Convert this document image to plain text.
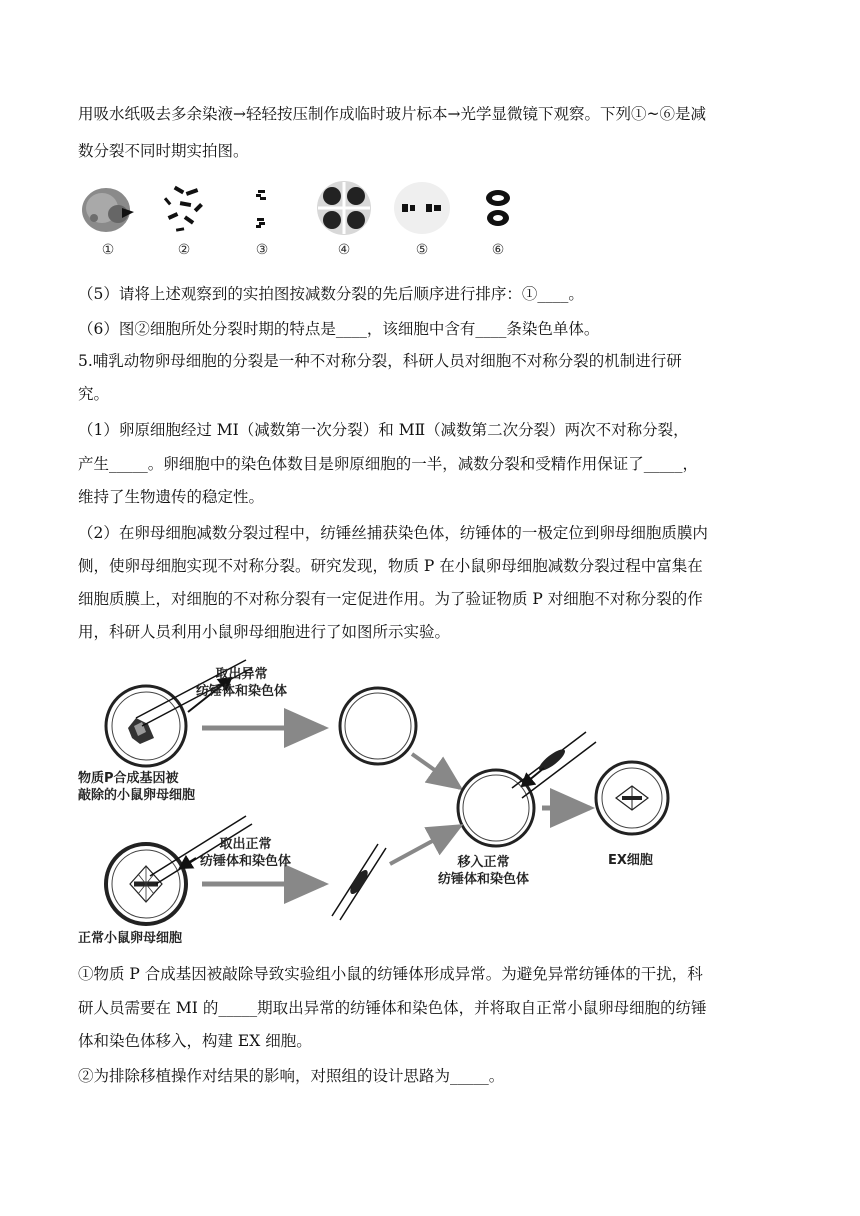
用吸水纸吸去多余染液→轻轻按压制作成临时玻片标本→光学显微镜下观察。下列①~⑥是减
数分裂不同时期实拍图。
①	②	③	④	⑤	⑥
（5）请将上述观察到的实拍图按减数分裂的先后顺序进行排序：①____。
（6）图②细胞所处分裂时期的特点是____，该细胞中含有____条染色单体。
5.哺乳动物卵母细胞的分裂是一种不对称分裂，科研人员对细胞不对称分裂的机制进行研
究。
（1）卵原细胞经过 MⅠ（减数第一次分裂）和 MⅡ（减数第二次分裂）两次不对称分裂，
产生_____。卵细胞中的染色体数目是卵原细胞的一半，减数分裂和受精作用保证了_____，
维持了生物遗传的稳定性。
（2）在卵母细胞减数分裂过程中，纺锤丝捕获染色体，纺锤体的一极定位到卵母细胞质膜内
侧，使卵母细胞实现不对称分裂。研究发现，物质 P 在小鼠卵母细胞减数分裂过程中富集在
细胞质膜上，对细胞的不对称分裂有一定促进作用。为了验证物质 P 对细胞不对称分裂的作
用，科研人员利用小鼠卵母细胞进行了如图所示实验。
取出异常
纺锤体和染色体
物质P合成基因被
敲除的小鼠卵母细胞
取出正常
纺锤体和染色体
正常小鼠卵母细胞
移入正常
纺锤体和染色体
EX细胞
①物质 P 合成基因被敲除导致实验组小鼠的纺锤体形成异常。为避免异常纺锤体的干扰，科
研人员需要在 MI 的_____期取出异常的纺锤体和染色体，并将取自正常小鼠卵母细胞的纺锤
体和染色体移入，构建 EX 细胞。
②为排除移植操作对结果的影响，对照组的设计思路为_____。
